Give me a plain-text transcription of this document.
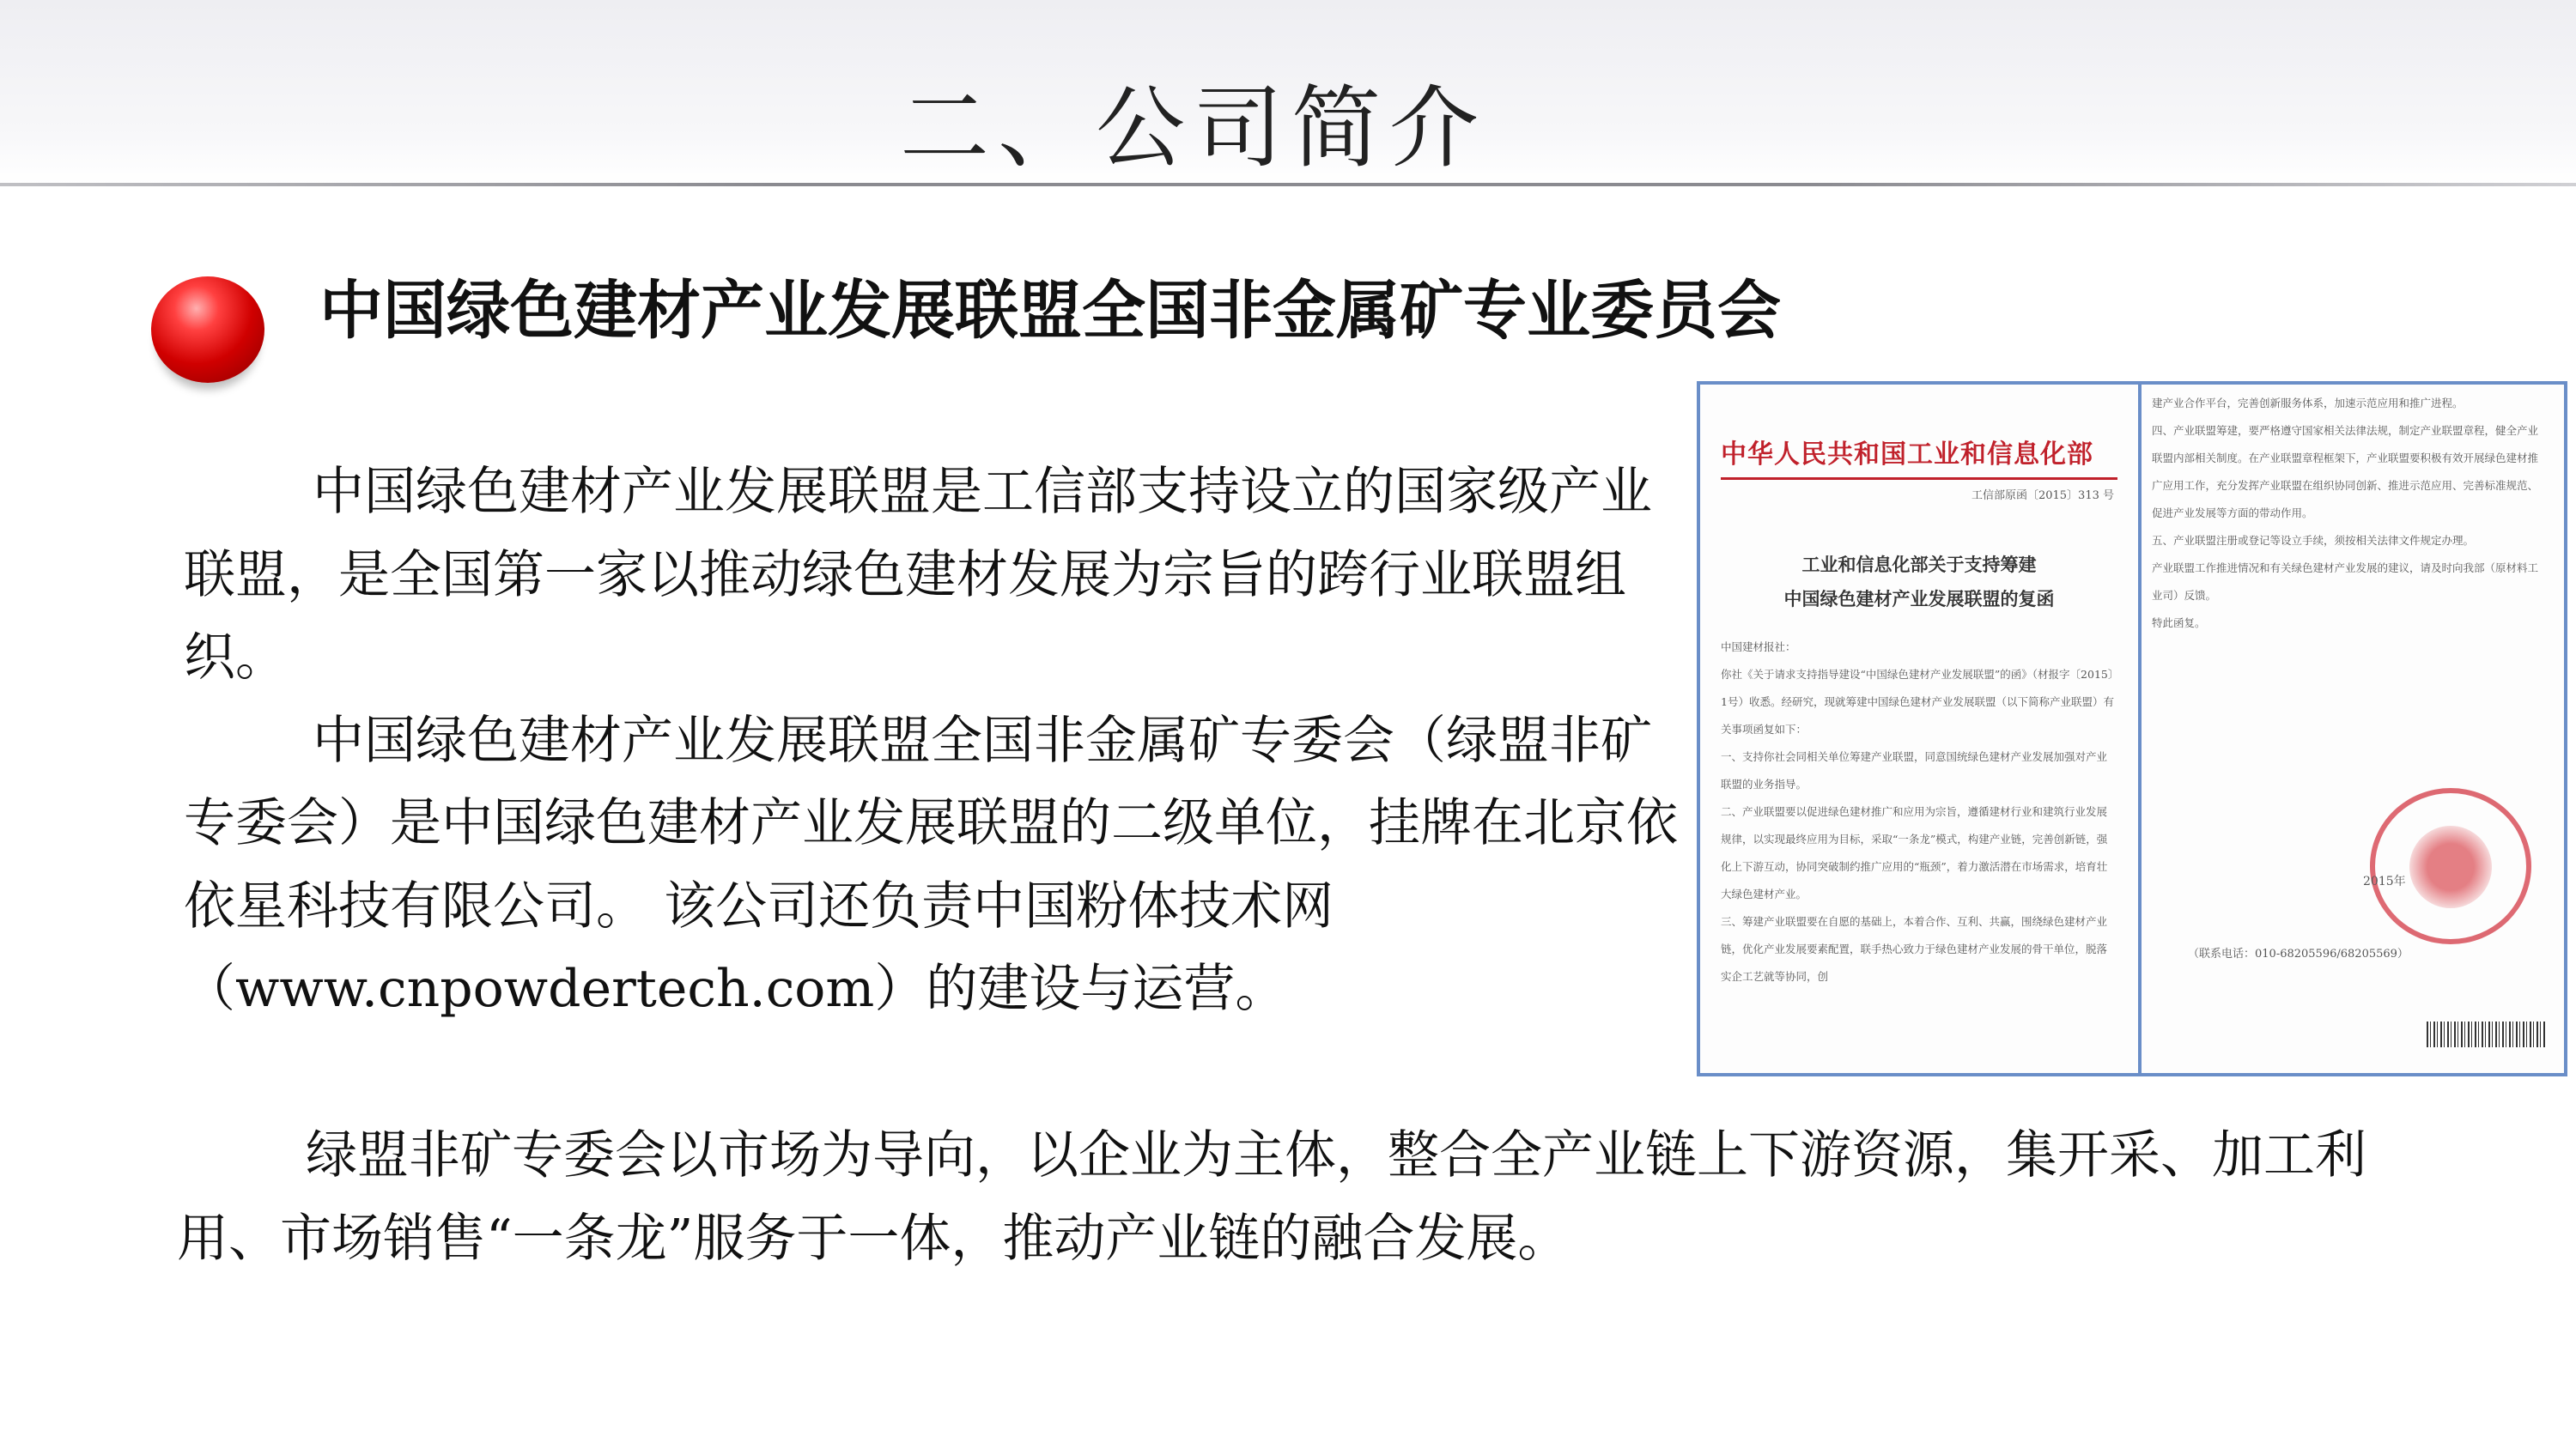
二、公司简介
中国绿色建材产业发展联盟全国非金属矿专业委员会

中国绿色建材产业发展联盟是工信部支持设立的国家级产业联盟，是全国第一家以推动绿色建材发展为宗旨的跨行业联盟组织。

中国绿色建材产业发展联盟全国非金属矿专委会（绿盟非矿专委会）是中国绿色建材产业发展联盟的二级单位，挂牌在北京依依星科技有限公司。 该公司还负责中国粉体技术网（www.cnpowdertech.com）的建设与运营。

绿盟非矿专委会以市场为导向，以企业为主体，整合全产业链上下游资源，集开采、加工利用、市场销售“一条龙”服务于一体，推动产业链的融合发展。

中华人民共和国工业和信息化部
工信部原函〔2015〕313 号
工业和信息化部关于支持筹建
中国绿色建材产业发展联盟的复函

中国建材报社：

你社《关于请求支持指导建设“中国绿色建材产业发展联盟”的函》（材报字〔2015〕1号）收悉。经研究，现就筹建中国绿色建材产业发展联盟（以下简称产业联盟）有关事项函复如下：

一、支持你社会同相关单位筹建产业联盟，同意国统绿色建材产业发展加强对产业联盟的业务指导。

二、产业联盟要以促进绿色建材推广和应用为宗旨，遵循建材行业和建筑行业发展规律，以实现最终应用为目标，采取“一条龙”模式，构建产业链，完善创新链，强化上下游互动，协同突破制约推广应用的“瓶颈”，着力激活潜在市场需求，培育壮大绿色建材产业。

三、筹建产业联盟要在自愿的基础上，本着合作、互利、共赢，围绕绿色建材产业链，优化产业发展要素配置，联手热心致力于绿色建材产业发展的骨干单位，脱落实企工艺就等协同，创

建产业合作平台，完善创新服务体系，加速示范应用和推广进程。

四、产业联盟筹建，要严格遵守国家相关法律法规，制定产业联盟章程，健全产业联盟内部相关制度。在产业联盟章程框架下，产业联盟要积极有效开展绿色建材推广应用工作，充分发挥产业联盟在组织协同创新、推进示范应用、完善标准规范、促进产业发展等方面的带动作用。

五、产业联盟注册或登记等设立手续，须按相关法律文件规定办理。

产业联盟工作推进情况和有关绿色建材产业发展的建议，请及时向我部（原材料工业司）反馈。

特此函复。

2015年
（联系电话：010-68205596/68205569）
